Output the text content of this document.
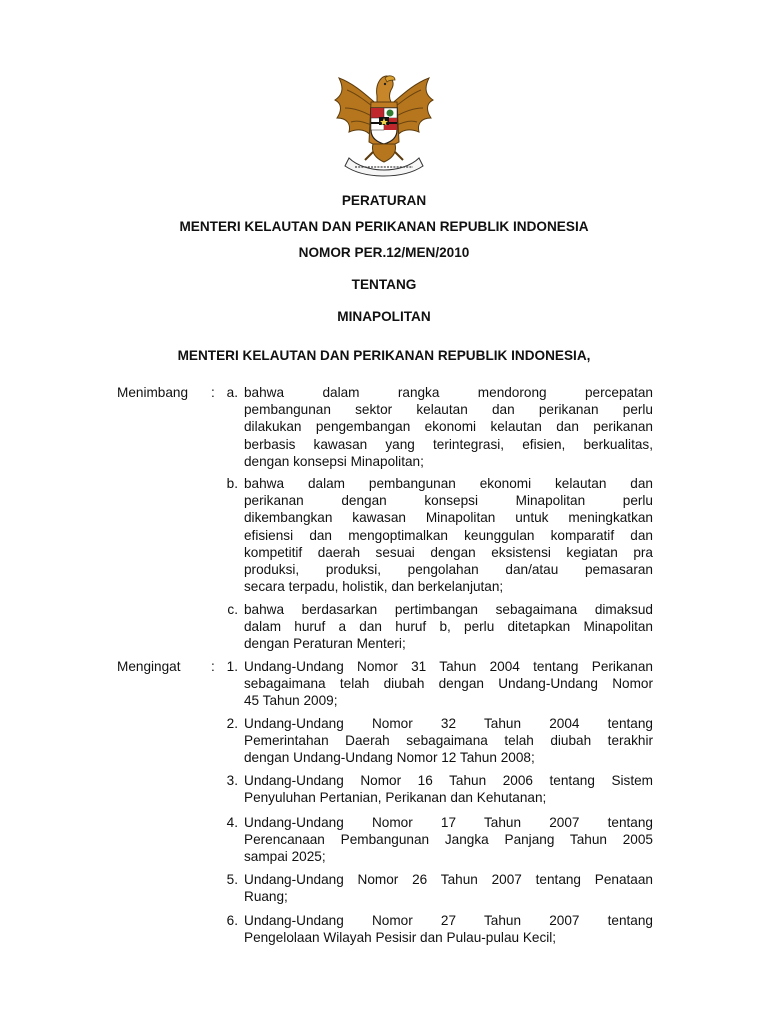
PERATURAN
MENTERI KELAUTAN DAN PERIKANAN REPUBLIK INDONESIA
NOMOR PER.12/MEN/2010
TENTANG
MINAPOLITAN
MENTERI KELAUTAN DAN PERIKANAN REPUBLIK INDONESIA,
Menimbang : a. bahwa dalam rangka mendorong percepatan
pembangunan sektor kelautan dan perikanan perlu
dilakukan pengembangan ekonomi kelautan dan perikanan
berbasis kawasan yang terintegrasi, efisien, berkualitas,
dengan konsepsi Minapolitan;
b. bahwa dalam pembangunan ekonomi kelautan dan
perikanan dengan konsepsi Minapolitan perlu
dikembangkan kawasan Minapolitan untuk meningkatkan
efisiensi dan mengoptimalkan keunggulan komparatif dan
kompetitif daerah sesuai dengan eksistensi kegiatan pra
produksi, produksi, pengolahan dan/atau pemasaran
secara terpadu, holistik, dan berkelanjutan;
c. bahwa berdasarkan pertimbangan sebagaimana dimaksud
dalam huruf a dan huruf b, perlu ditetapkan Minapolitan
dengan Peraturan Menteri;
Mengingat : 1. Undang-Undang Nomor 31 Tahun 2004 tentang Perikanan
sebagaimana telah diubah dengan Undang-Undang Nomor
45 Tahun 2009;
2. Undang-Undang Nomor 32 Tahun 2004 tentang
Pemerintahan Daerah sebagaimana telah diubah terakhir
dengan Undang-Undang Nomor 12 Tahun 2008;
3. Undang-Undang Nomor 16 Tahun 2006 tentang Sistem
Penyuluhan Pertanian, Perikanan dan Kehutanan;
4. Undang-Undang Nomor 17 Tahun 2007 tentang
Perencanaan Pembangunan Jangka Panjang Tahun 2005
sampai 2025;
5. Undang-Undang Nomor 26 Tahun 2007 tentang Penataan
Ruang;
6. Undang-Undang Nomor 27 Tahun 2007 tentang
Pengelolaan Wilayah Pesisir dan Pulau-pulau Kecil;
